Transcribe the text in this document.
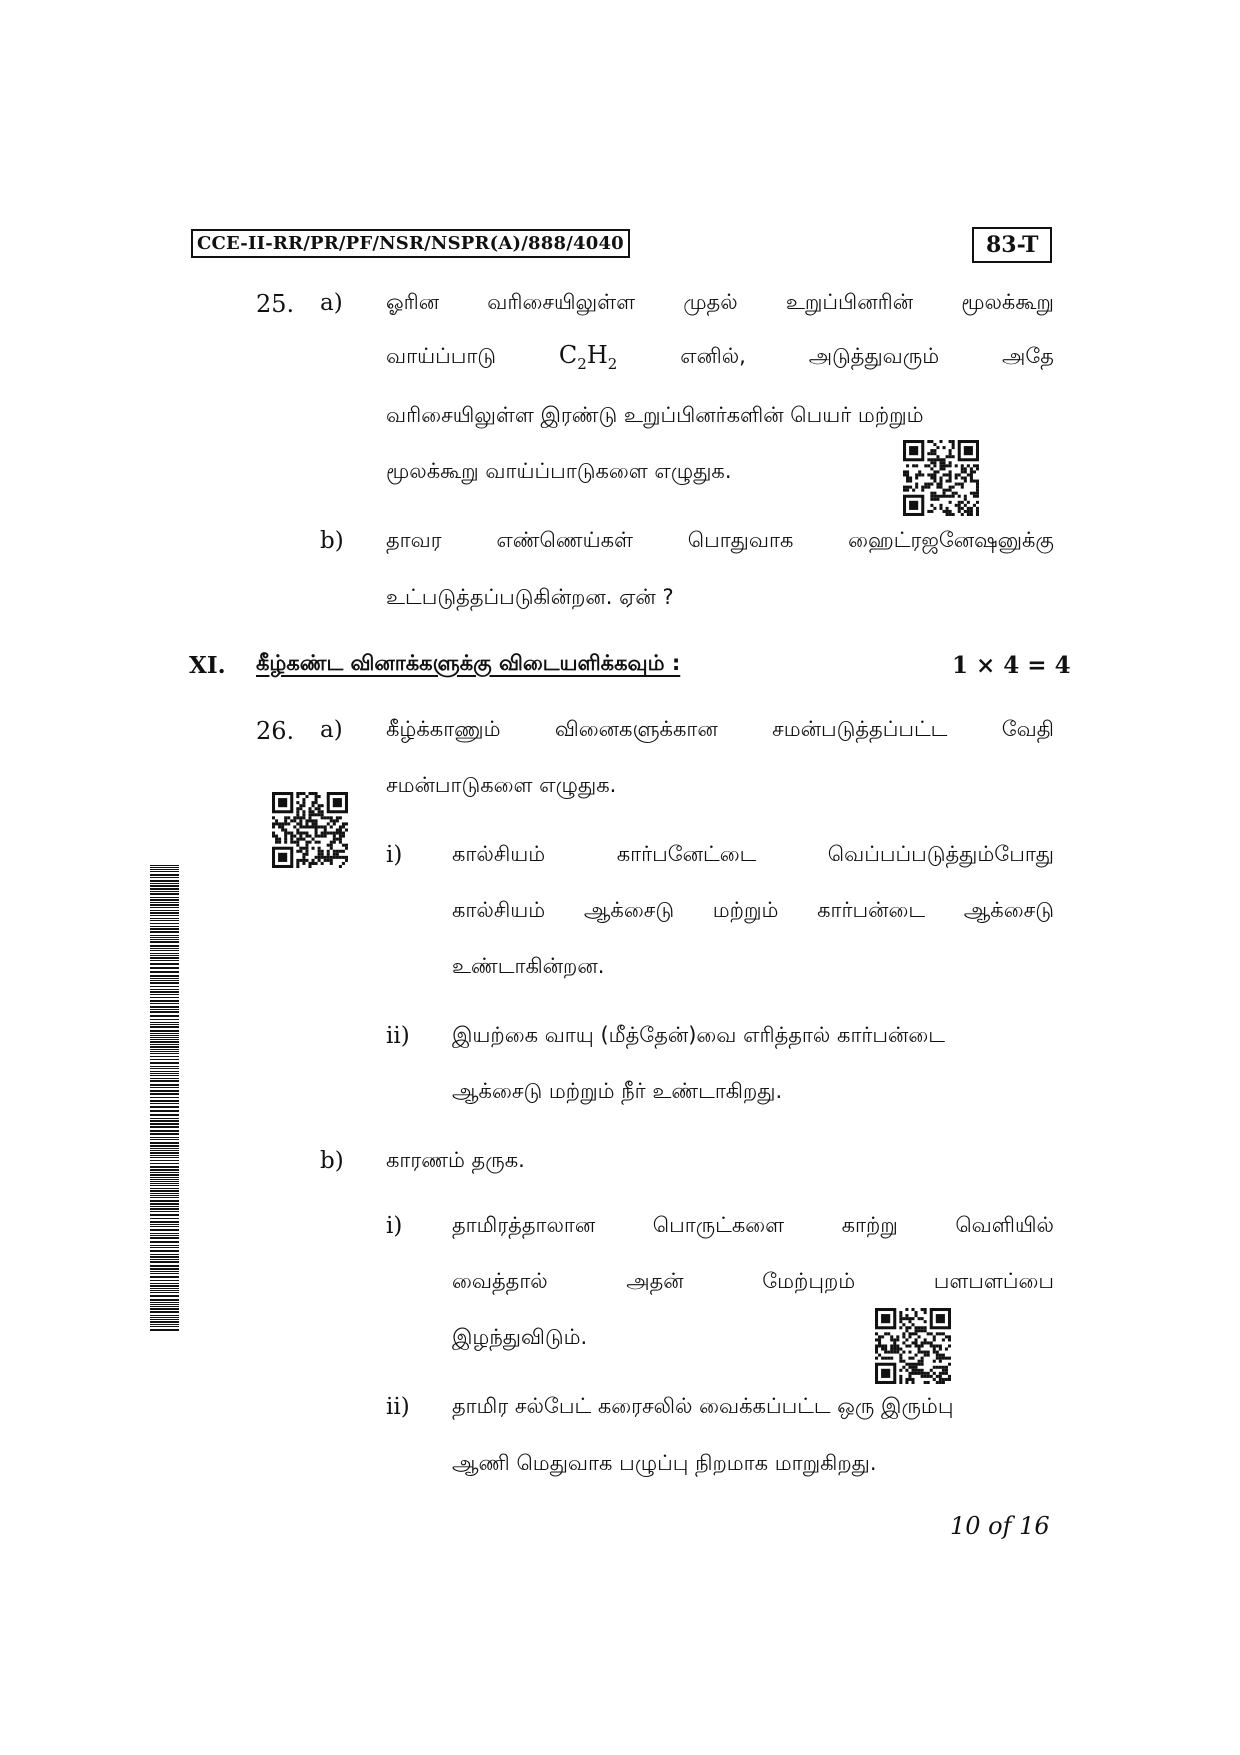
CCE-II-RR/PR/PF/NSR/NSPR(A)/888/4040	83-T
25. a) ஓரின வரிசையிலுள்ள முதல் உறுப்பினரின் மூலக்கூறு
வாய்ப்பாடு	$C_2H_2$	எனில்,	அடுத்துவரும்	அதே
வரிசையிலுள்ள இரண்டு உறுப்பினர்களின் பெயர் மற்றும்
மூலக்கூறு வாய்ப்பாடுகளை எழுதுக.
b) தாவர	எண்ணெய்கள்	பொதுவாக	ஹைட்ரஜனேஷனுக்கு
உட்படுத்தப்படுகின்றன. ஏன் ?
XI. கீழ்கண்ட வினாக்களுக்கு விடையளிக்கவும் :	1 × 4 = 4
26. a) கீழ்க்காணும்	வினைகளுக்கான	சமன்படுத்தப்பட்ட	வேதி
சமன்பாடுகளை எழுதுக.
i) கால்சியம்	கார்பனேட்டை	வெப்பப்படுத்தும்போது
கால்சியம் ஆக்சைடு மற்றும் கார்பன்டை ஆக்சைடு
உண்டாகின்றன.
ii) இயற்கை வாயு (மீத்தேன்)வை எரித்தால் கார்பன்டை
ஆக்சைடு மற்றும் நீர் உண்டாகிறது.
b) காரணம் தருக.
i) தாமிரத்தாலான	பொருட்களை	காற்று	வெளியில்
வைத்தால்	அதன்	மேற்புறம்	பளபளப்பை
இழந்துவிடும்.
ii) தாமிர சல்பேட் கரைசலில் வைக்கப்பட்ட ஒரு இரும்பு
ஆணி மெதுவாக பழுப்பு நிறமாக மாறுகிறது.
10 of 16
